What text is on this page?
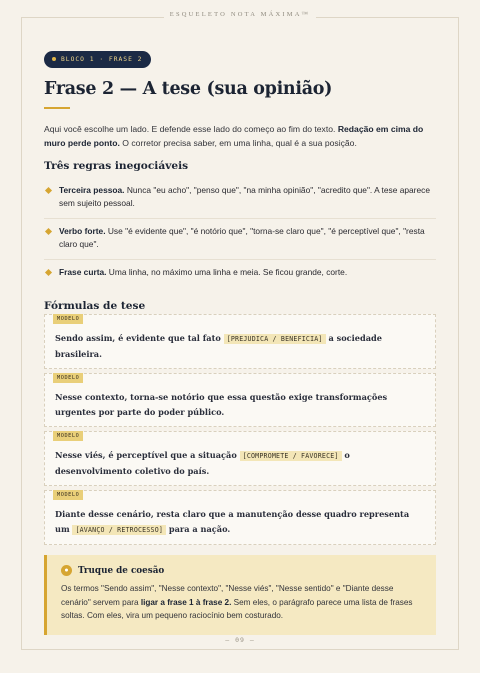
ESQUELETO NOTA MÁXIMA™
BLOCO 1 · FRASE 2
Frase 2 — A tese (sua opinião)

Aqui você escolhe um lado. E defende esse lado do começo ao fim do texto. Redação em cima do muro perde ponto. O corretor precisa saber, em uma linha, qual é a sua posição.

Três regras inegociáveis
Terceira pessoa. Nunca "eu acho", "penso que", "na minha opinião", "acredito que". A tese aparece sem sujeito pessoal.
Verbo forte. Use "é evidente que", "é notório que", "torna-se claro que", "é perceptível que", "resta claro que".
Frase curta. Uma linha, no máximo uma linha e meia. Se ficou grande, corte.
Fórmulas de tese
MODELO
Sendo assim, é evidente que tal fato [PREJUDICA / BENEFICIA] a sociedade brasileira.
MODELO
Nesse contexto, torna-se notório que essa questão exige transformações urgentes por parte do poder público.
MODELO
Nesse viés, é perceptível que a situação [COMPROMETE / FAVORECE] o desenvolvimento coletivo do país.
MODELO
Diante desse cenário, resta claro que a manutenção desse quadro representa um [AVANÇO / RETROCESSO] para a nação.
●	Truque de coesão

Os termos "Sendo assim", "Nesse contexto", "Nesse viés", "Nesse sentido" e "Diante desse cenário" servem para ligar a frase 1 à frase 2. Sem eles, o parágrafo parece uma lista de frases soltas. Com eles, vira um pequeno raciocínio bem costurado.

— 09 —
